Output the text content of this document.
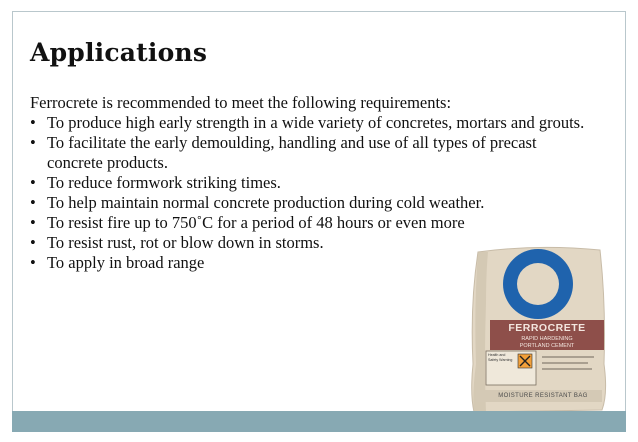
Applications

Ferrocrete is recommended to meet the following requirements:

• To produce high early strength in a wide variety of concretes, mortars and grouts.
• To facilitate the early demoulding, handling and use of all types of precast concrete products.
• To reduce formwork striking times.
• To help maintain normal concrete production during cold weather.
• To resist fire up to 750˚C for a period of 48 hours or even more
• To resist rust, rot or blow down in storms.
• To apply in broad range
FERROCRETE
RAPID HARDENING
PORTLAND CEMENT
Health and Safety Warning
MOISTURE RESISTANT BAG
